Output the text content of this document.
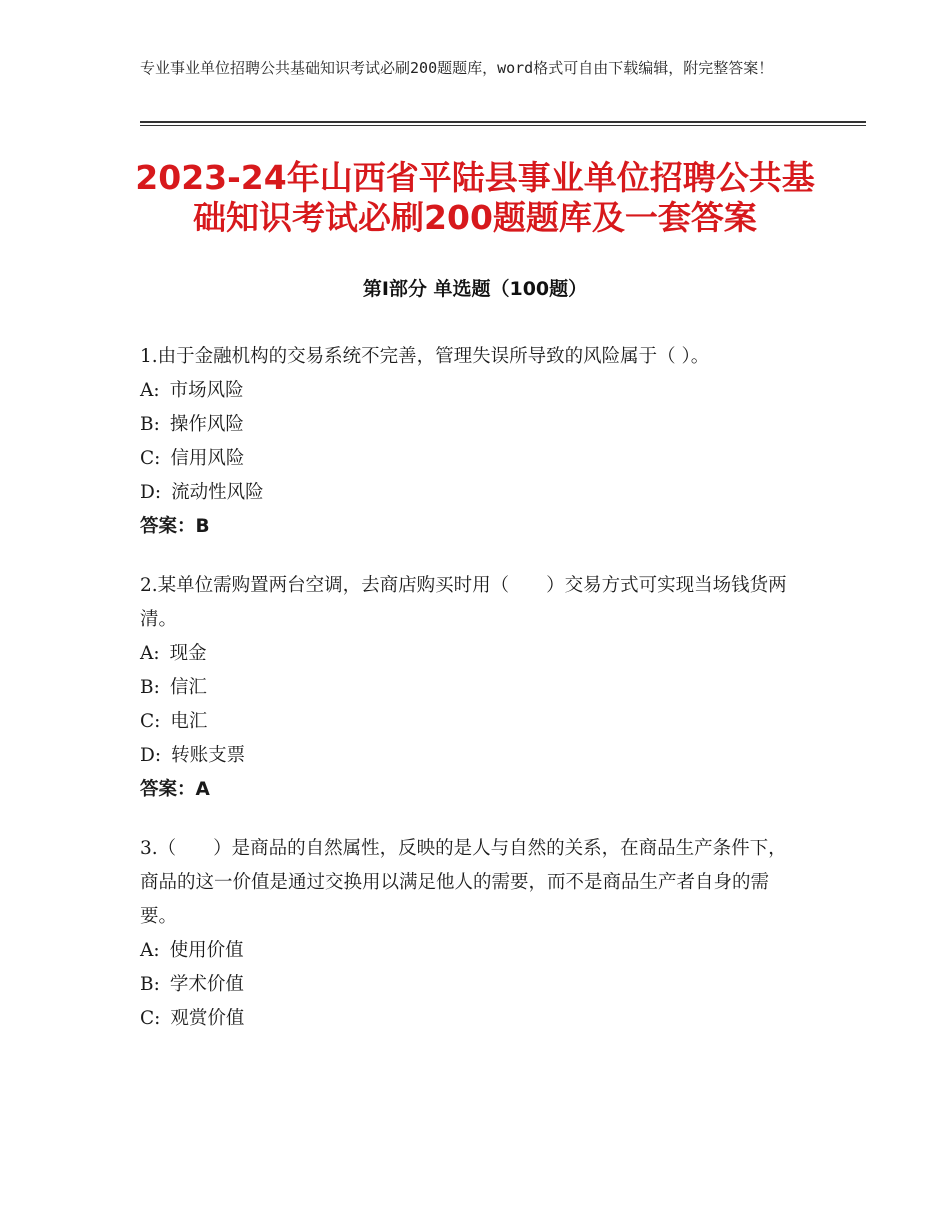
专业事业单位招聘公共基础知识考试必刷200题题库，word格式可自由下载编辑，附完整答案！
2023-24年山西省平陆县事业单位招聘公共基础知识考试必刷200题题库及一套答案
第Ⅰ部分 单选题（100题）

1.由于金融机构的交易系统不完善，管理失误所导致的风险属于（ ）。

A: 市场风险

B: 操作风险

C: 信用风险

D: 流动性风险

答案：B

2.某单位需购置两台空调，去商店购买时用（　　）交易方式可实现当场钱货两清。

A: 现金

B: 信汇

C: 电汇

D: 转账支票

答案：A

3.（　　）是商品的自然属性，反映的是人与自然的关系，在商品生产条件下，商品的这一价值是通过交换用以满足他人的需要，而不是商品生产者自身的需要。

A: 使用价值

B: 学术价值

C: 观赏价值
